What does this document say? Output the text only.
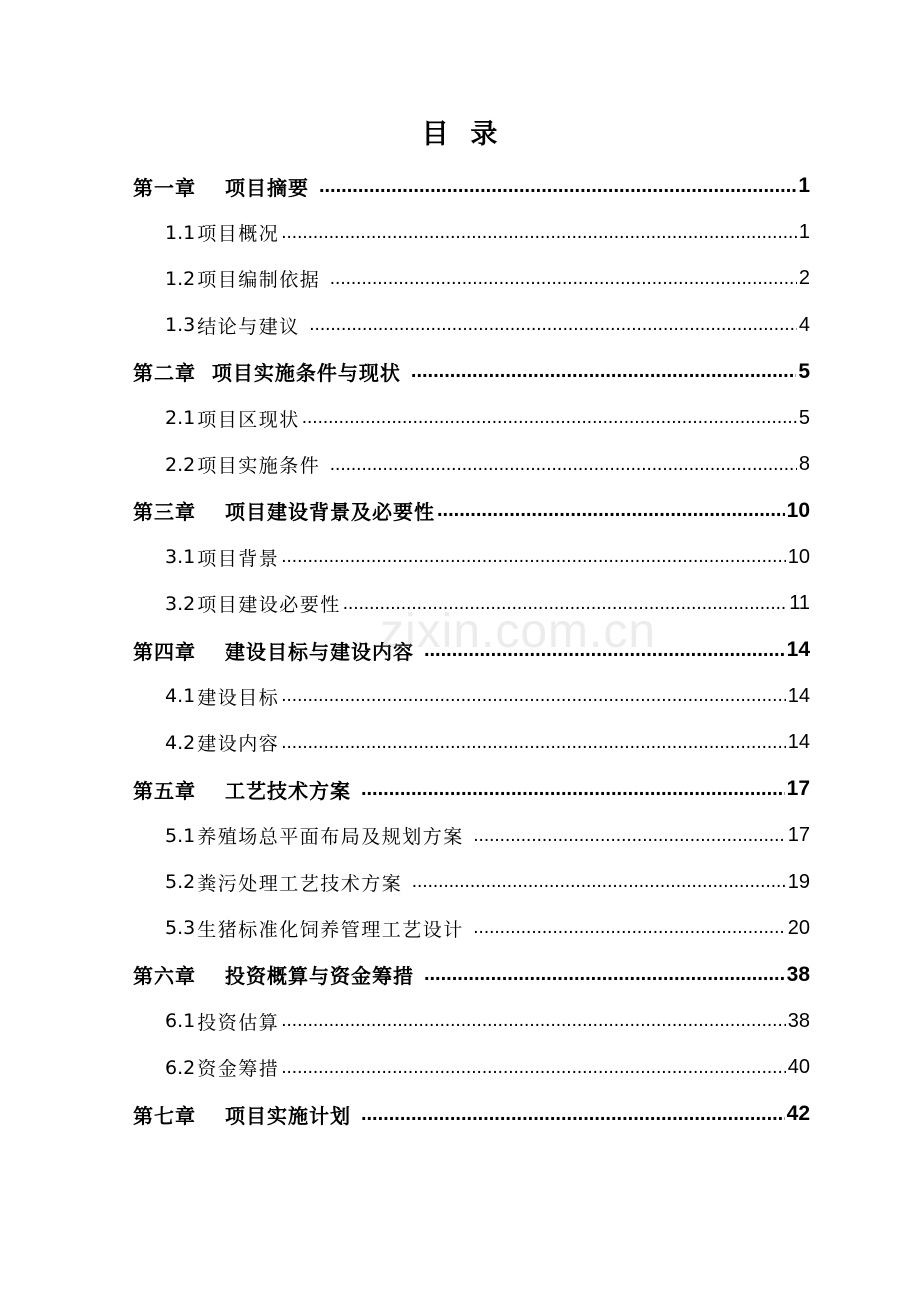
目  录
第一章　 项目摘要 .....	1
1.1 项目概况 .....	1
1.2 项目编制依据 .....	2
1.3 结论与建议 .....	4
第二章  项目实施条件与现状 .....	5
2.1 项目区现状 .....	5
2.2 项目实施条件 .....	8
第三章　 项目建设背景及必要性 .....	10
3.1 项目背景 .....	10
3.2 项目建设必要性 .....	11
第四章　 建设目标与建设内容 .....	14
4.1 建设目标 .....	14
4.2 建设内容 .....	14
第五章　 工艺技术方案 .....	17
5.1 养殖场总平面布局及规划方案 .....	17
5.2 粪污处理工艺技术方案 .....	19
5.3 生猪标准化饲养管理工艺设计 .....	20
第六章　 投资概算与资金筹措 .....	38
6.1 投资估算 .....	38
6.2 资金筹措 .....	40
第七章　 项目实施计划 .....	42
zixin.com.cn
